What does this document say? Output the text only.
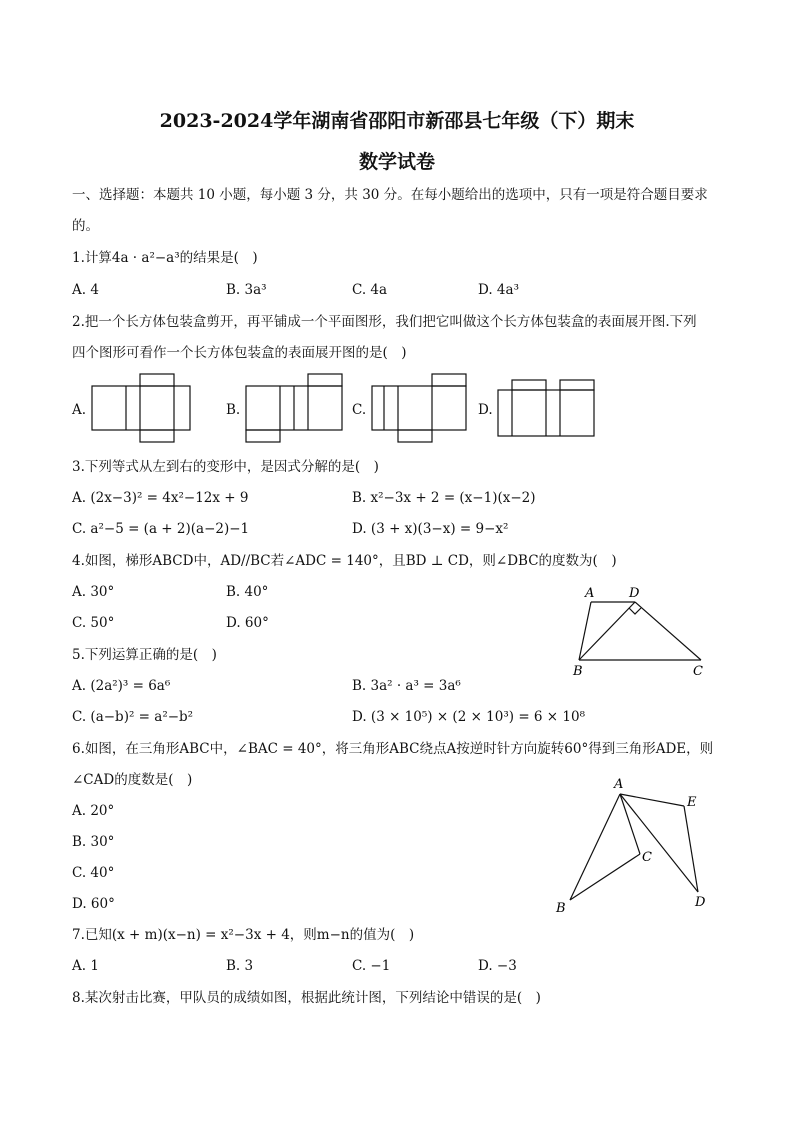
2023-2024学年湖南省邵阳市新邵县七年级（下）期末
数学试卷
一、选择题：本题共 10 小题，每小题 3 分，共 30 分。在每小题给出的选项中，只有一项是符合题目要求
的。
1.计算4a · a²−a³的结果是(　)
A. 4	B. 3a³	C. 4a	D. 4a³
2.把一个长方体包装盒剪开，再平铺成一个平面图形，我们把它叫做这个长方体包装盒的表面展开图.下列
四个图形可看作一个长方体包装盒的表面展开图的是(　)
A.	B.	C.	D.
3.下列等式从左到右的变形中，是因式分解的是(　)
A. (2x−3)² = 4x²−12x + 9	B. x²−3x + 2 = (x−1)(x−2)
C. a²−5 = (a + 2)(a−2)−1	D. (3 + x)(3−x) = 9−x²
4.如图，梯形ABCD中，AD//BC若∠ADC = 140°，且BD ⊥ CD，则∠DBC的度数为(　)
A. 30°	B. 40°
C. 50°	D. 60°
A	D
B	C
5.下列运算正确的是(　)
A. (2a²)³ = 6a⁶	B. 3a² · a³ = 3a⁶
C. (a−b)² = a²−b²	D. (3 × 10⁵) × (2 × 10³) = 6 × 10⁸
6.如图，在三角形ABC中，∠BAC = 40°，将三角形ABC绕点A按逆时针方向旋转60°得到三角形ADE，则
∠CAD的度数是(　)
A. 20°
B. 30°
C. 40°
D. 60°
A
E
C
D
B
7.已知(x + m)(x−n) = x²−3x + 4，则m−n的值为(　)
A. 1	B. 3	C. −1	D. −3
8.某次射击比赛，甲队员的成绩如图，根据此统计图，下列结论中错误的是(　)
